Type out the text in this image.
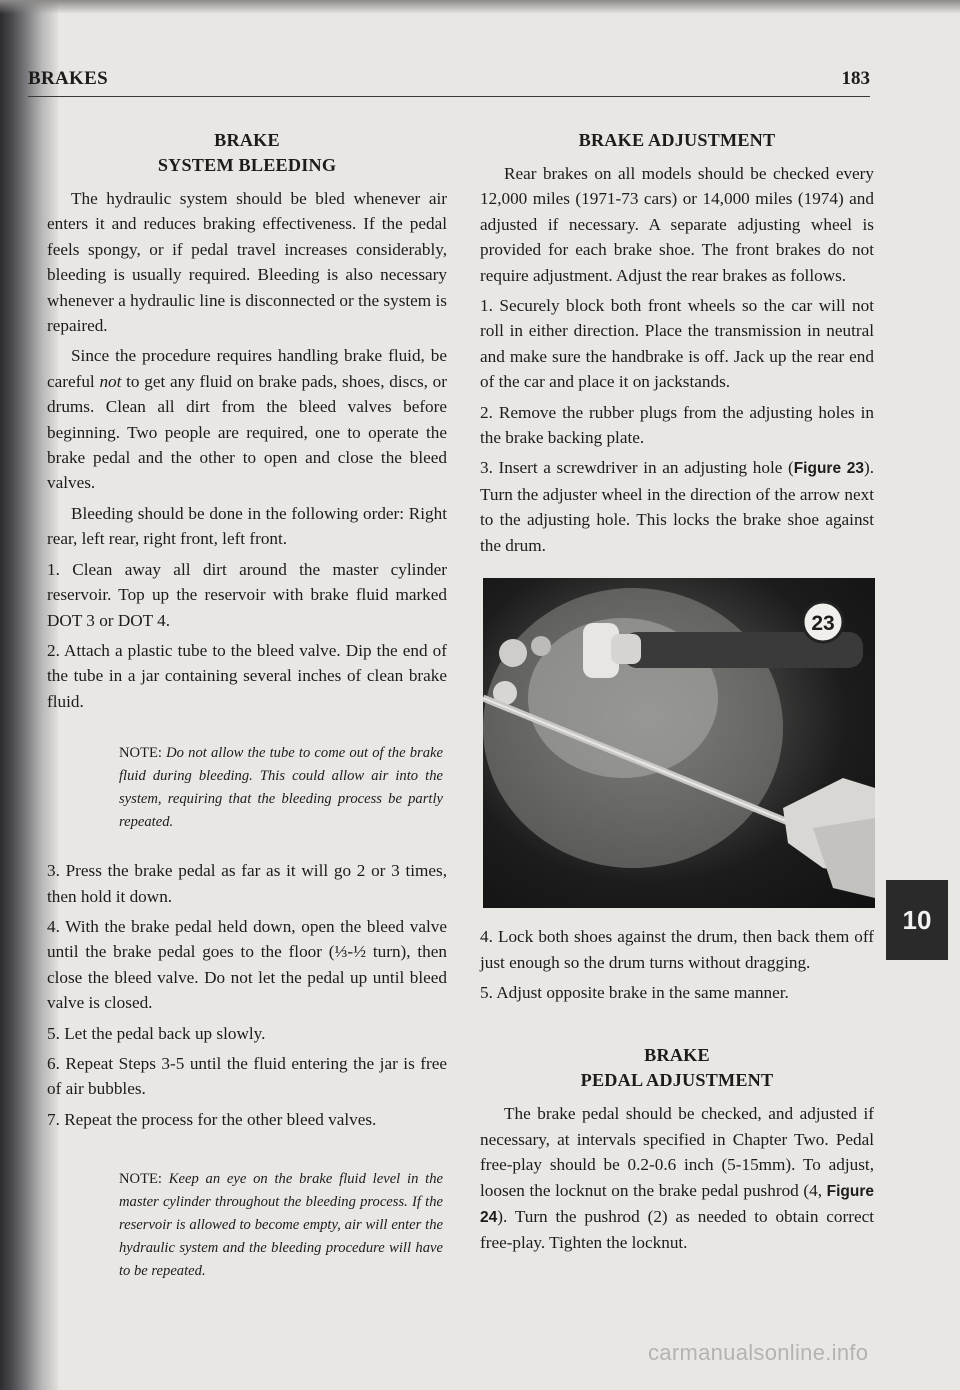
BRAKES	183
BRAKE
SYSTEM BLEEDING

The hydraulic system should be bled whenever air enters it and reduces braking effectiveness. If the pedal feels spongy, or if pedal travel increases considerably, bleeding is usually required. Bleeding is also necessary whenever a hydraulic line is disconnected or the system is repaired.

Since the procedure requires handling brake fluid, be careful not to get any fluid on brake pads, shoes, discs, or drums. Clean all dirt from the bleed valves before beginning. Two people are required, one to operate the brake pedal and the other to open and close the bleed valves.

Bleeding should be done in the following order: Right rear, left rear, right front, left front.

1. Clean away all dirt around the master cylinder reservoir. Top up the reservoir with brake fluid marked DOT 3 or DOT 4.

2. Attach a plastic tube to the bleed valve. Dip the end of the tube in a jar containing several inches of clean brake fluid.

NOTE: Do not allow the tube to come out of the brake fluid during bleeding. This could allow air into the system, requiring that the bleeding process be partly repeated.

3. Press the brake pedal as far as it will go 2 or 3 times, then hold it down.

4. With the brake pedal held down, open the bleed valve until the brake pedal goes to the floor (⅓-½ turn), then close the bleed valve. Do not let the pedal up until bleed valve is closed.

5. Let the pedal back up slowly.

6. Repeat Steps 3-5 until the fluid entering the jar is free of air bubbles.

7. Repeat the process for the other bleed valves.

NOTE: Keep an eye on the brake fluid level in the master cylinder throughout the bleeding process. If the reservoir is allowed to become empty, air will enter the hydraulic system and the bleeding procedure will have to be repeated.
BRAKE ADJUSTMENT

Rear brakes on all models should be checked every 12,000 miles (1971-73 cars) or 14,000 miles (1974) and adjusted if necessary. A separate adjusting wheel is provided for each brake shoe. The front brakes do not require adjustment. Adjust the rear brakes as follows.

1. Securely block both front wheels so the car will not roll in either direction. Place the transmission in neutral and make sure the handbrake is off. Jack up the rear end of the car and place it on jackstands.

2. Remove the rubber plugs from the adjusting holes in the brake backing plate.

3. Insert a screwdriver in an adjusting hole (Figure 23). Turn the adjuster wheel in the direction of the arrow next to the adjusting hole. This locks the brake shoe against the drum.

23

4. Lock both shoes against the drum, then back them off just enough so the drum turns without dragging.

5. Adjust opposite brake in the same manner.

BRAKE
PEDAL ADJUSTMENT

The brake pedal should be checked, and adjusted if necessary, at intervals specified in Chapter Two. Pedal free-play should be 0.2-0.6 inch (5-15mm). To adjust, loosen the locknut on the brake pedal pushrod (4, Figure 24). Turn the pushrod (2) as needed to obtain correct free-play. Tighten the locknut.

10
carmanualsonline.info
